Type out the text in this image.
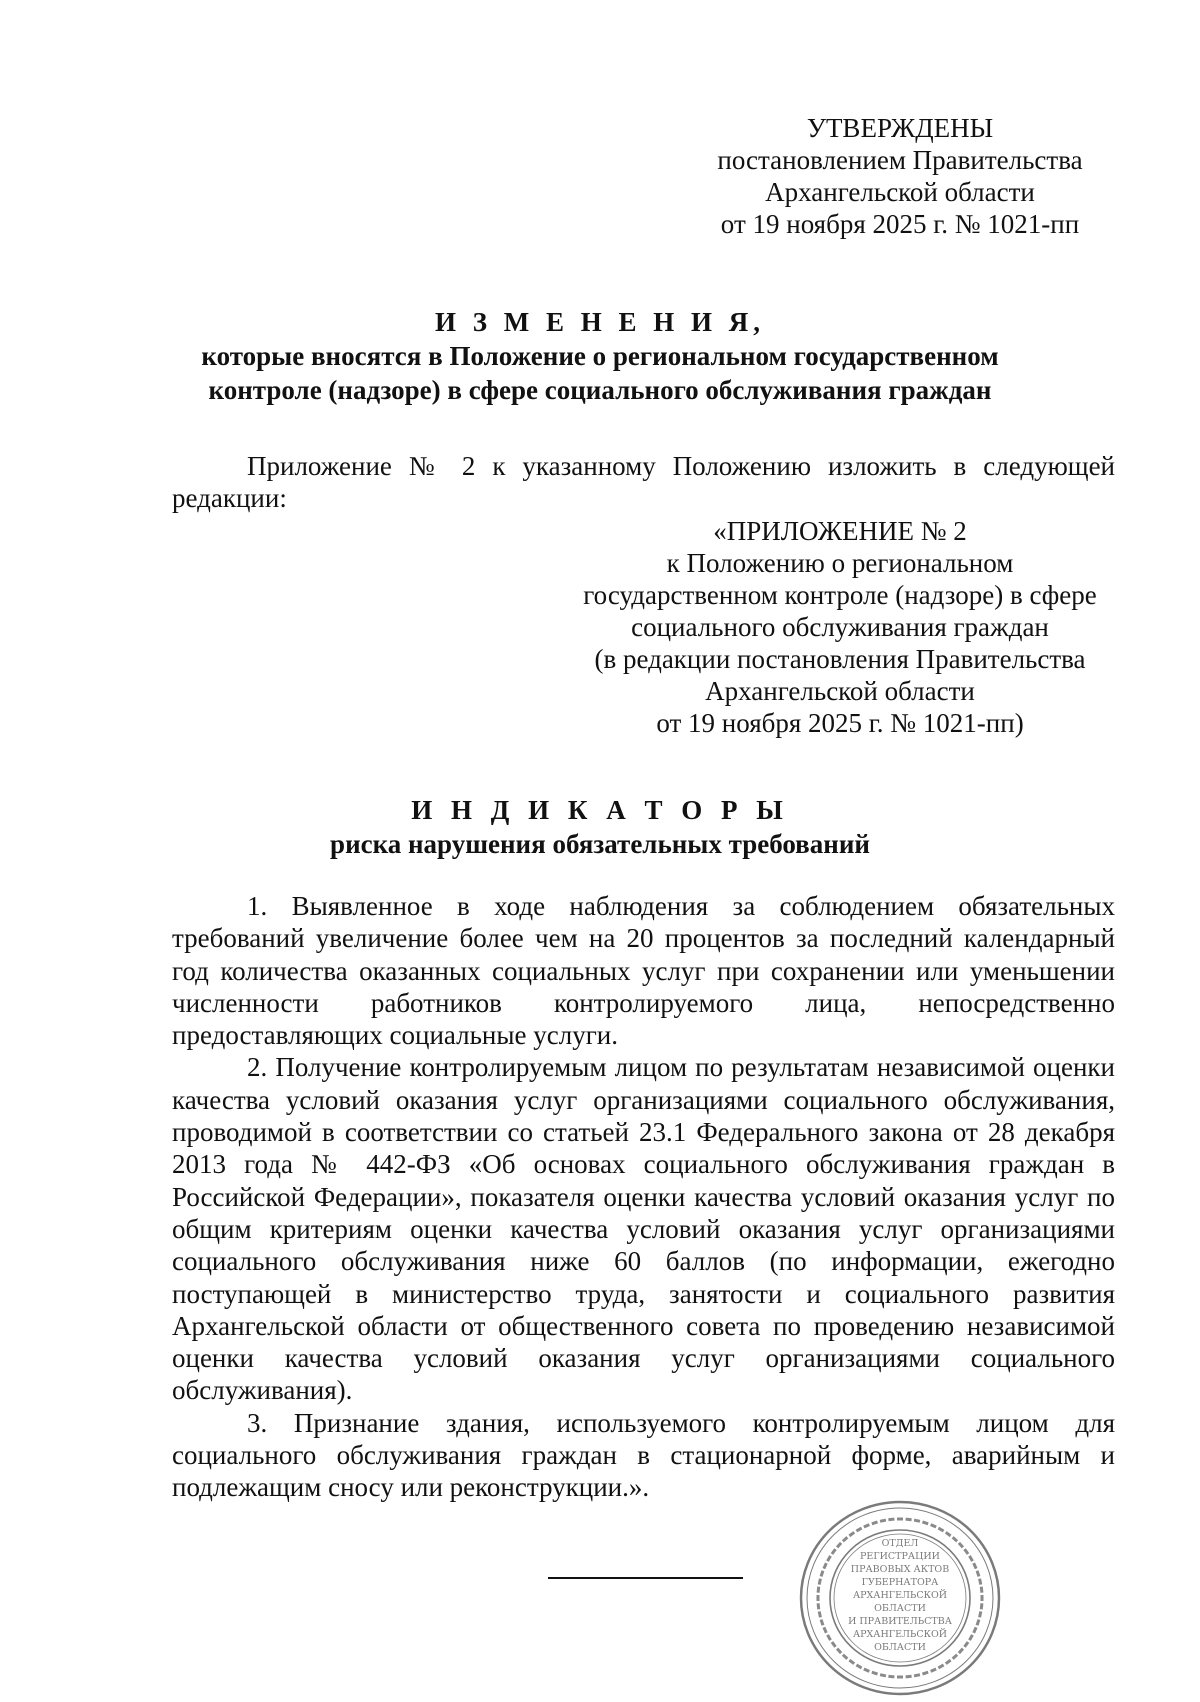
УТВЕРЖДЕНЫ
постановлением Правительства
Архангельской области
от 19 ноября 2025 г. № 1021-пп
И З М Е Н Е Н И Я,
которые вносятся в Положение о региональном государственном
контроле (надзоре) в сфере социального обслуживания граждан
Приложение № 2 к указанному Положению изложить в следующей
редакции:
«ПРИЛОЖЕНИЕ № 2
к Положению о региональном
государственном контроле (надзоре) в сфере
социального обслуживания граждан
(в редакции постановления Правительства
Архангельской области
от 19 ноября 2025 г. № 1021-пп)
И Н Д И К А Т О Р Ы
риска нарушения обязательных требований

1. Выявленное в ходе наблюдения за соблюдением обязательных требований увеличение более чем на 20 процентов за последний календарный год количества оказанных социальных услуг при сохранении или уменьшении численности работников контролируемого лица, непосредственно предоставляющих социальные услуги.

2. Получение контролируемым лицом по результатам независимой оценки качества условий оказания услуг организациями социального обслуживания, проводимой в соответствии со статьей 23.1 Федерального закона от 28 декабря 2013 года № 442-ФЗ «Об основах социального обслуживания граждан в Российской Федерации», показателя оценки качества условий оказания услуг по общим критериям оценки качества условий оказания услуг организациями социального обслуживания ниже 60 баллов (по информации, ежегодно поступающей в министерство труда, занятости и социального развития Архангельской области от общественного совета по проведению независимой оценки качества условий оказания услуг организациями социального обслуживания).

3. Признание здания, используемого контролируемым лицом для социального обслуживания граждан в стационарной форме, аварийным и подлежащим сносу или реконструкции.».

ОТДЕЛ
РЕГИСТРАЦИИ
ПРАВОВЫХ АКТОВ
ГУБЕРНАТОРА
АРХАНГЕЛЬСКОЙ
ОБЛАСТИ
И ПРАВИТЕЛЬСТВА
АРХАНГЕЛЬСКОЙ
ОБЛАСТИ
